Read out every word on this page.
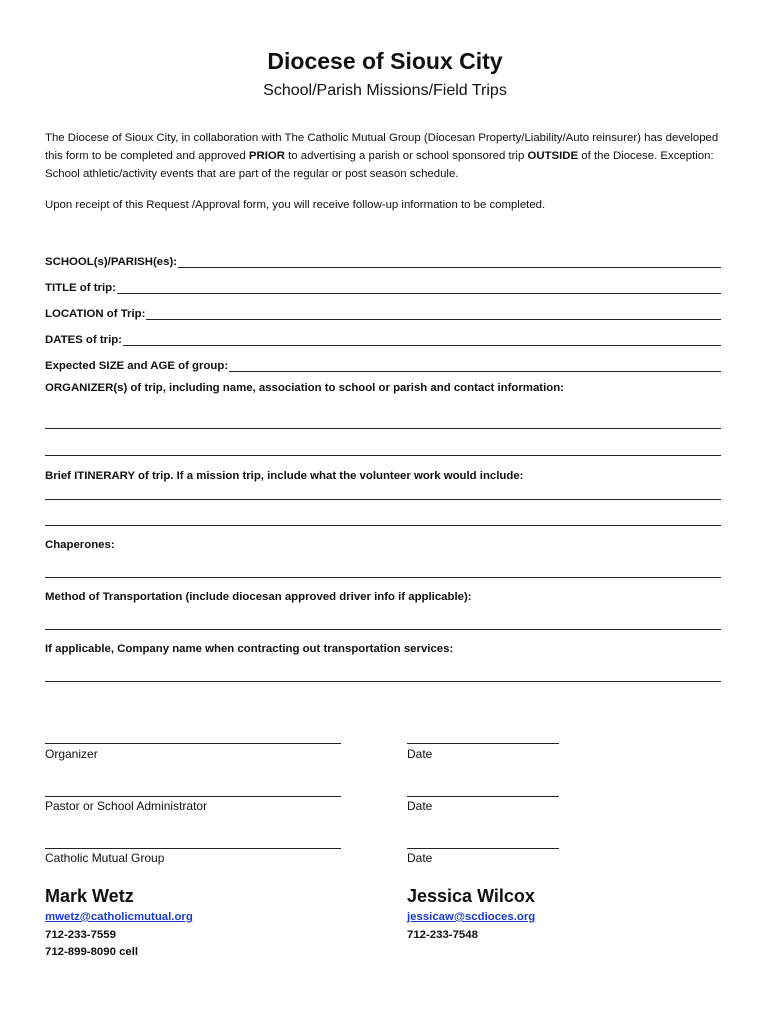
Diocese of Sioux City
School/Parish Missions/Field Trips
The Diocese of Sioux City, in collaboration with The Catholic Mutual Group (Diocesan Property/Liability/Auto reinsurer) has developed this form to be completed and approved PRIOR to advertising a parish or school sponsored trip OUTSIDE of the Diocese. Exception: School athletic/activity events that are part of the regular or post season schedule.
Upon receipt of this Request /Approval form, you will receive follow-up information to be completed.
SCHOOL(s)/PARISH(es):
TITLE of trip:
LOCATION of Trip:
DATES of trip:
Expected SIZE and AGE of group:
ORGANIZER(s) of trip, including name, association to school or parish and contact information:
Brief ITINERARY of trip. If a mission trip, include what the volunteer work would include:
Chaperones:
Method of Transportation (include diocesan approved driver info if applicable):
If applicable, Company name when contracting out transportation services:
Organizer	Date
Pastor or School Administrator	Date
Catholic Mutual Group	Date
Mark Wetz
mwetz@catholicmutual.org
712-233-7559
712-899-8090 cell
Jessica Wilcox
jessicaw@scdioces.org
712-233-7548
